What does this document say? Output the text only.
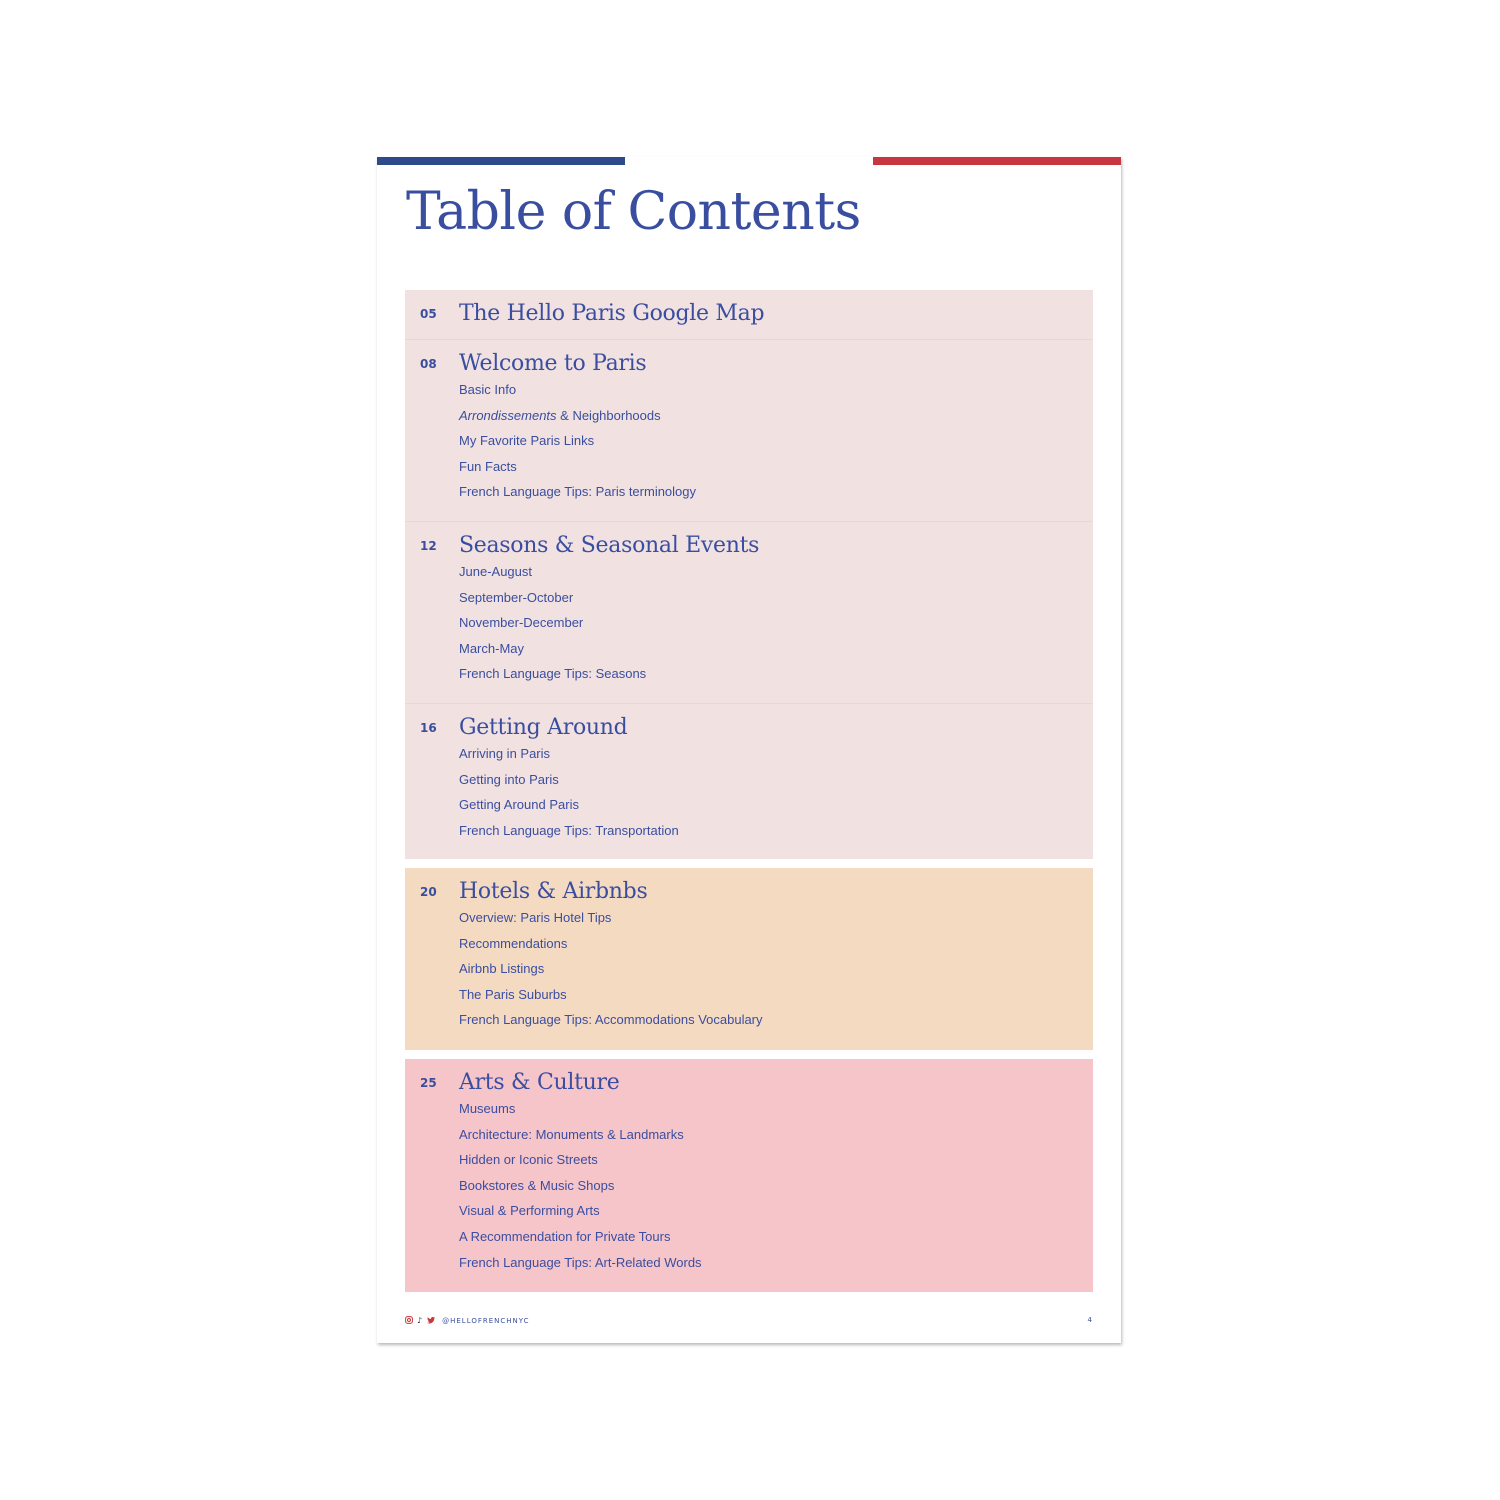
Table of Contents
05 The Hello Paris Google Map
08 Welcome to Paris
Basic Info
Arrondissements & Neighborhoods
My Favorite Paris Links
Fun Facts
French Language Tips: Paris terminology
12 Seasons & Seasonal Events
June-August
September-October
November-December
March-May
French Language Tips: Seasons
16 Getting Around
Arriving in Paris
Getting into Paris
Getting Around Paris
French Language Tips: Transportation
20 Hotels & Airbnbs
Overview: Paris Hotel Tips
Recommendations
Airbnb Listings
The Paris Suburbs
French Language Tips: Accommodations Vocabulary
25 Arts & Culture
Museums
Architecture: Monuments & Landmarks
Hidden or Iconic Streets
Bookstores & Music Shops
Visual & Performing Arts
A Recommendation for Private Tours
French Language Tips: Art-Related Words
♪	@HELLOFRENCHNYC	4
